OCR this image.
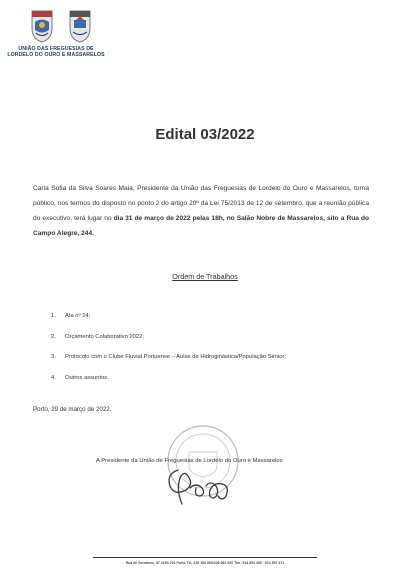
UNIÃO DAS FREGUESIAS DE
LORDELO DO OURO E MASSARELOS
Edital 03/2022
Carla Sofia da Silva Soares Maia, Presidente da União das Freguesias de Lordelo do Ouro e Massarelos, torna público, nos termos do disposto no ponto 2 do artigo 20º da Lei 75/2013 de 12 de setembro, que a reunião pública do executivo, terá lugar no dia 31 de março de 2022 pelas 18h, no Salão Nobre de Massarelos, sito a Rua do Campo Alegre, 244.
Ordem de Trabalhos
1.	Ata nº 14;
2.	Orçamento Colaborativo 2022;
3.	Protocolo com o Clube Fluvial Portuense – Aulas de Hidroginástica/População Sénior;
4.	Outros assuntos.
Porto, 29 de março de 2022.
A Presidente da União de Freguesias de Lordelo do Ouro e Massarelos
Rua de Serralves, 87 4150-701 Porto Tel. 226 168 500/226 081 000 Tlm. 914 594 450 · 914 557 471
